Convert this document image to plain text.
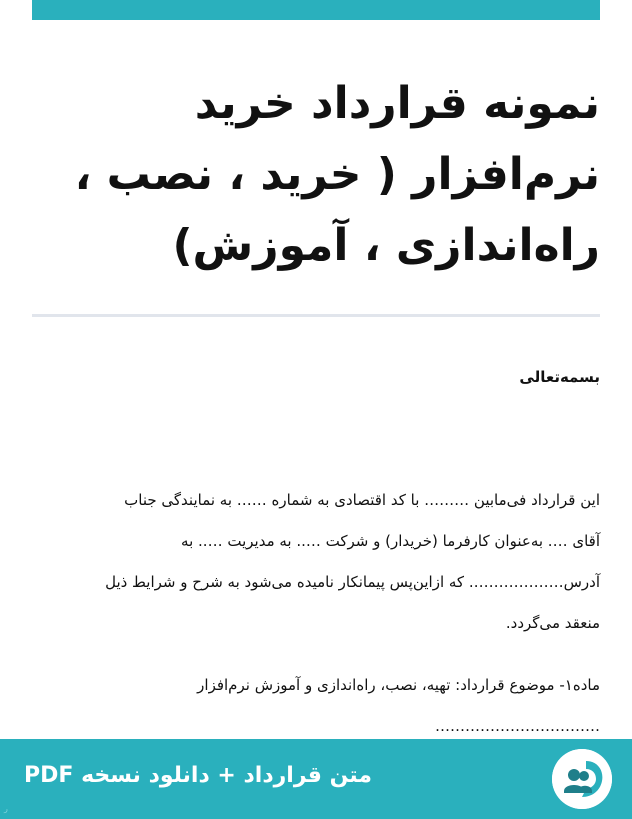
نمونه قرارداد خرید
نرم‌افزار ( خرید ، نصب ،
راه‌اندازی ، آموزش)
بسمه‌تعالی

این قرارداد فی‌مابین ……… با کد اقتصادی به شماره …… به نمایندگی جناب
آقای …. به‌عنوان کارفرما (خریدار) و شرکت ….. به مدیریت ….. به
آدرس………………. که ازاین‌پس پیمانکار نامیده می‌شود به شرح و شرایط ذیل
منعقد می‌گردد.

ماده۱- موضوع قرارداد: تهیه، نصب، راه‌اندازی و آموزش نرم‌افزار
……………………………

متن قرارداد + دانلود نسخه PDF
ر
